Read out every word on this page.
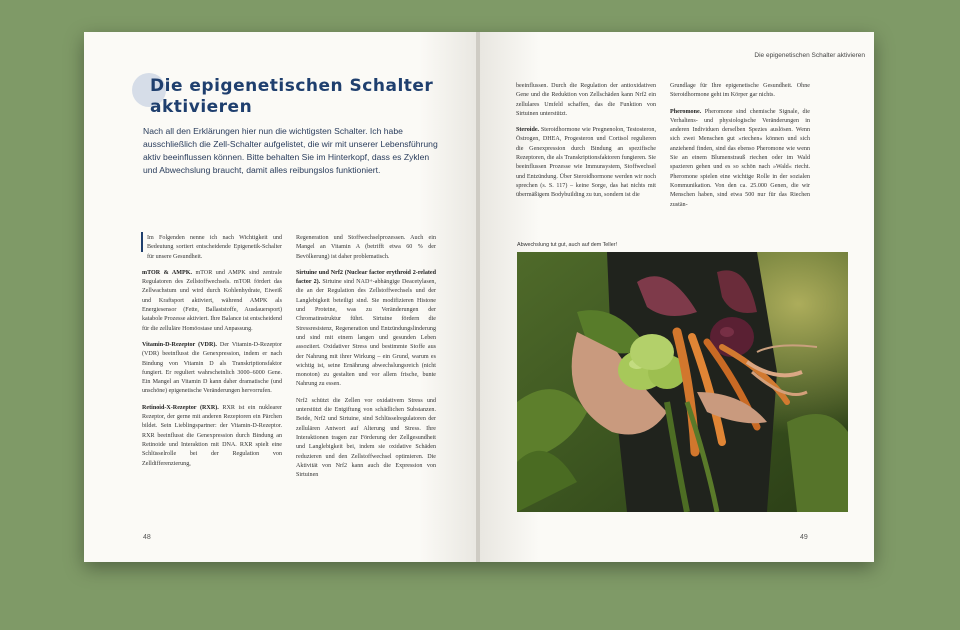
Die epigenetischen Schalter aktivieren

Nach all den Erklärungen hier nun die wichtigsten Schalter. Ich habe ausschließlich die Zell-Schalter aufgelistet, die wir mit unserer Lebensführung aktiv beeinflussen können. Bitte behalten Sie im Hinterkopf, dass es Zyklen und Abwechslung braucht, damit alles reibungslos funktioniert.

Im Folgenden nenne ich nach Wichtigkeit und Bedeutung sortiert entscheidende Epigenetik-Schalter für unsere Gesundheit.

mTOR & AMPK. mTOR und AMPK sind zentrale Regulatoren des Zellstoffwechsels. mTOR fördert das Zellwachstum und wird durch Kohlenhydrate, Eiweiß und Kraftsport aktiviert, während AMPK als Energiesensor (Fette, Ballaststoffe, Ausdauersport) katabole Prozesse aktiviert. Ihre Balance ist entscheidend für die zelluläre Homöostase und Anpassung.

Vitamin-D-Rezeptor (VDR). Der Vitamin-D-Rezeptor (VDR) beeinflusst die Genexpression, indem er nach Bindung von Vitamin D als Transkriptionsfaktor fungiert. Er reguliert wahrscheinlich 3000–6000 Gene. Ein Mangel an Vitamin D kann daher dramatische (und unschöne) epigenetische Veränderungen hervorrufen.

Retinoid-X-Rezeptor (RXR). RXR ist ein nuklearer Rezeptor, der gerne mit anderen Rezeptoren ein Pärchen bildet. Sein Lieblingspartner: der Vitamin-D-Rezeptor. RXR beeinflusst die Genexpression durch Bindung an Retinoide und Interaktion mit DNA. RXR spielt eine Schlüsselrolle bei der Regulation von Zelldifferenzierung,

Regeneration und Stoffwechselprozessen. Auch ein Mangel an Vitamin A (betrifft etwa 60 % der Bevölkerung) ist daher problematisch.

Sirtuine und Nrf2 (Nuclear factor erythroid 2-related factor 2). Sirtuine sind NAD+-abhängige Deacetylasen, die an der Regulation des Zellstoffwechsels und der Langlebigkeit beteiligt sind. Sie modifizieren Histone und Proteine, was zu Veränderungen der Chromatinstruktur führt. Sirtuine fördern die Stressresistenz, Regeneration und Entzündungslinderung und sind mit einem langen und gesunden Leben assoziiert. Oxidativer Stress und bestimmte Stoffe aus der Nahrung mit ihrer Wirkung – ein Grund, warum es wichtig ist, seine Ernährung abwechslungsreich (nicht monoton) zu gestalten und vor allem frische, bunte Nahrung zu essen.

Nrf2 schützt die Zellen vor oxidativem Stress und unterstützt die Entgiftung von schädlichen Substanzen. Beide, Nrf2 und Sirtuine, sind Schlüsselregulatoren der zellulären Antwort auf Alterung und Stress. Ihre Interaktionen tragen zur Förderung der Zellgesundheit und Langlebigkeit bei, indem sie oxidative Schäden reduzieren und den Zellstoffwechsel optimieren. Die Aktivität von Nrf2 kann auch die Expression von Sirtuinen

48
Die epigenetischen Schalter aktivieren

beeinflussen. Durch die Regulation der antioxidativen Gene und die Reduktion von Zellschäden kann Nrf2 ein zellulares Umfeld schaffen, das die Funktion von Sirtuinen unterstützt.

Steroide. Steroidhormone wie Pregnenolon, Testosteron, Östrogen, DHEA, Progesteron und Cortisol regulieren die Genexpression durch Bindung an spezifische Rezeptoren, die als Transkriptionsfaktoren fungieren. Sie beeinflussen Prozesse wie Immunsystem, Stoffwechsel und Entzündung. Über Steroidhormone werden wir noch sprechen (s. S. 117) – keine Sorge, das hat nichts mit übermäßigem Bodybuilding zu tun, sondern ist die

Grundlage für Ihre epigenetische Gesundheit. Ohne Steroidhormone geht im Körper gar nichts.

Pheromone. Pheromone sind chemische Signale, die Verhaltens- und physiologische Veränderungen in anderen Individuen derselben Spezies auslösen. Wenn sich zwei Menschen gut »riechen« können und sich anziehend finden, sind das ebenso Pheromone wie wenn Sie an einem Blumenstrauß riechen oder im Wald spazieren gehen und es so schön nach »Wald« riecht. Pheromone spielen eine wichtige Rolle in der sozialen Kommunikation. Von den ca. 25.000 Genen, die wir Menschen haben, sind etwa 500 nur für das Riechen zustän-

Abwechslung tut gut, auch auf dem Teller!
49
